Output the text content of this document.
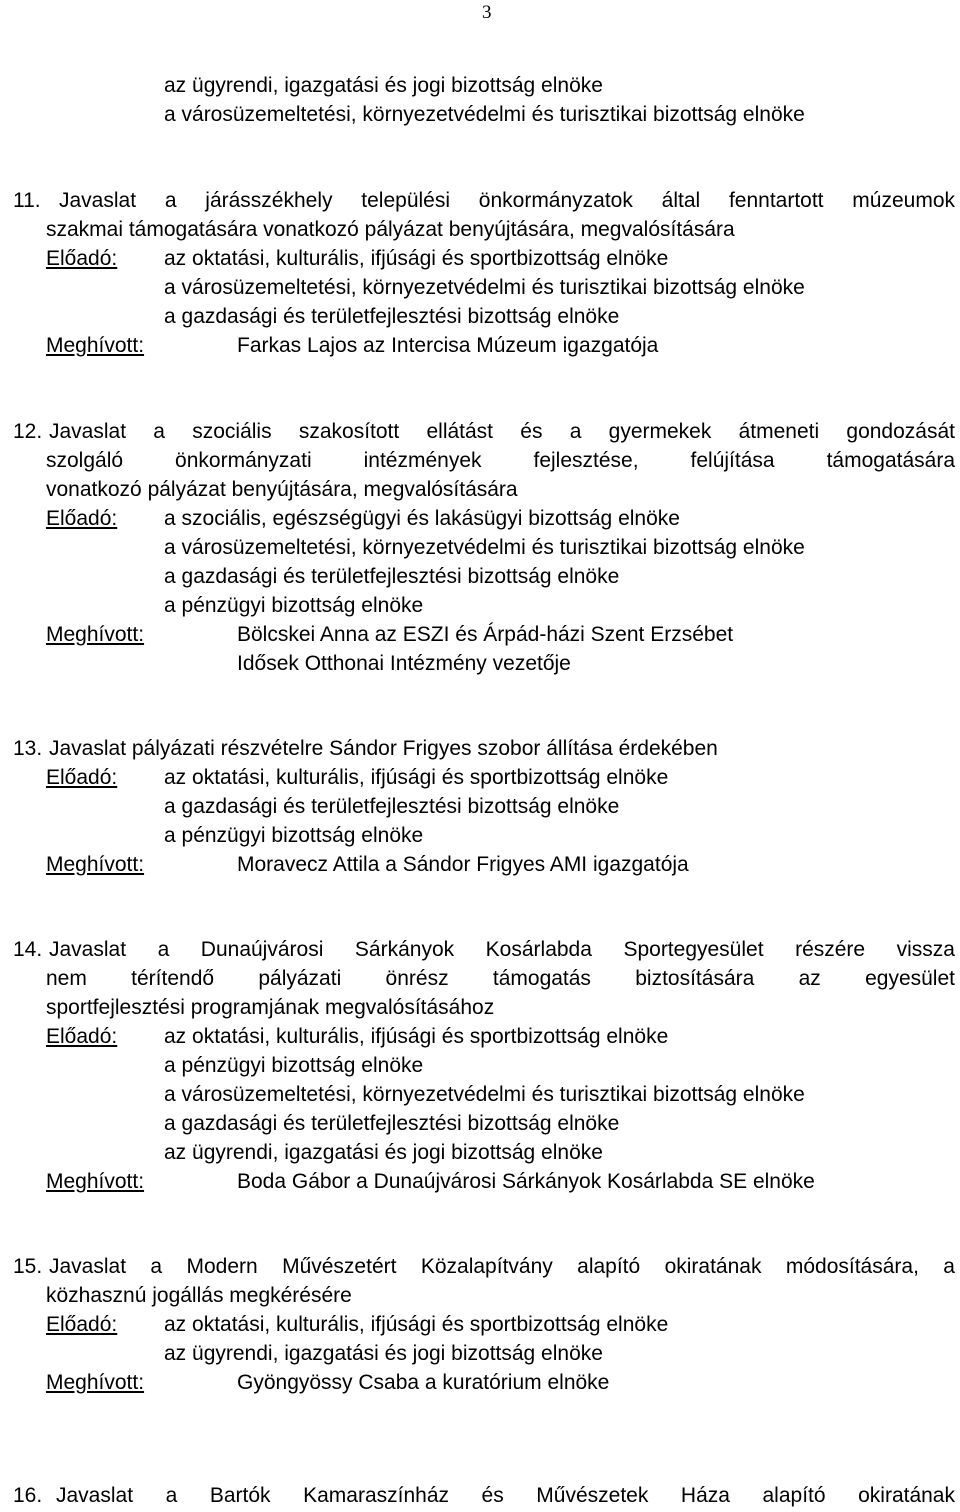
3
az ügyrendi, igazgatási és jogi bizottság elnöke
a városüzemeltetési, környezetvédelmi és turisztikai bizottság elnöke
11. Javaslat a járásszékhely települési önkormányzatok által fenntartott múzeumok
szakmai támogatására vonatkozó pályázat benyújtására, megvalósítására
Előadó: az oktatási, kulturális, ifjúsági és sportbizottság elnöke
a városüzemeltetési, környezetvédelmi és turisztikai bizottság elnöke
a gazdasági és területfejlesztési bizottság elnöke
Meghívott:	Farkas Lajos az Intercisa Múzeum igazgatója
12. Javaslat a szociális szakosított ellátást és a gyermekek átmeneti gondozását
szolgáló önkormányzati intézmények fejlesztése, felújítása támogatására
vonatkozó pályázat benyújtására, megvalósítására
Előadó: a szociális, egészségügyi és lakásügyi bizottság elnöke
a városüzemeltetési, környezetvédelmi és turisztikai bizottság elnöke
a gazdasági és területfejlesztési bizottság elnöke
a pénzügyi bizottság elnöke
Meghívott:	Bölcskei Anna az ESZI és Árpád-házi Szent Erzsébet
Idősek Otthonai Intézmény vezetője
13. Javaslat pályázati részvételre Sándor Frigyes szobor állítása érdekében
Előadó: az oktatási, kulturális, ifjúsági és sportbizottság elnöke
a gazdasági és területfejlesztési bizottság elnöke
a pénzügyi bizottság elnöke
Meghívott:	Moravecz Attila a Sándor Frigyes AMI igazgatója
14. Javaslat a Dunaújvárosi Sárkányok Kosárlabda Sportegyesület részére vissza
nem térítendő pályázati önrész támogatás biztosítására az egyesület
sportfejlesztési programjának megvalósításához
Előadó: az oktatási, kulturális, ifjúsági és sportbizottság elnöke
a pénzügyi bizottság elnöke
a városüzemeltetési, környezetvédelmi és turisztikai bizottság elnöke
a gazdasági és területfejlesztési bizottság elnöke
az ügyrendi, igazgatási és jogi bizottság elnöke
Meghívott:	Boda Gábor a Dunaújvárosi Sárkányok Kosárlabda SE elnöke
15. Javaslat a Modern Művészetért Közalapítvány alapító okiratának módosítására, a
közhasznú jogállás megkérésére
Előadó: az oktatási, kulturális, ifjúsági és sportbizottság elnöke
az ügyrendi, igazgatási és jogi bizottság elnöke
Meghívott:	Gyöngyössy Csaba a kuratórium elnöke
16. Javaslat a Bartók Kamaraszínház és Művészetek Háza alapító okiratának
